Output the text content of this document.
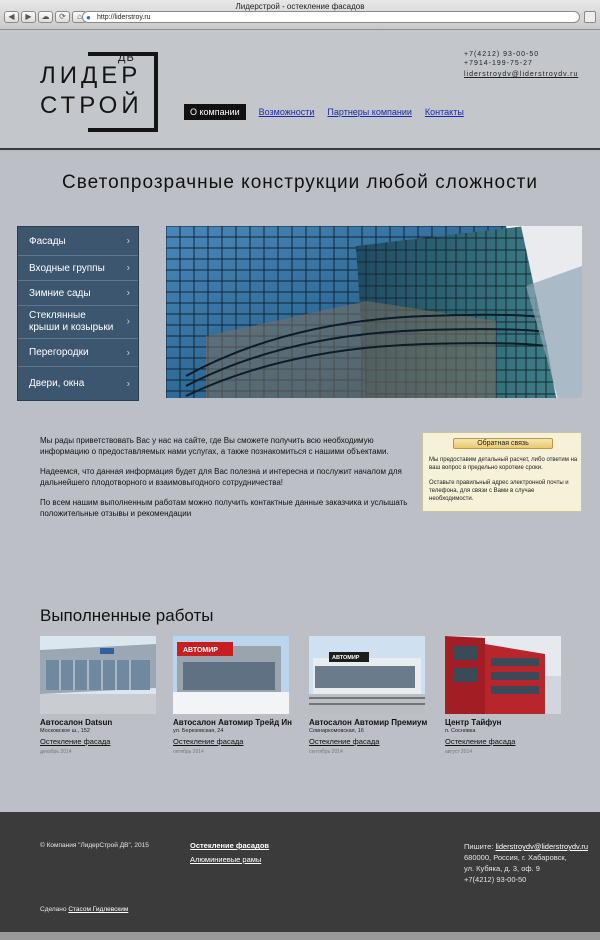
Лидерстрой - остекление фасадов
◀	▶	☁	⟳	⌂ ● http://liderstroy.ru
ЛИДЕР
СТРОЙ
ДВ	+7(4212) 93-00-50
+7914-199-75-27
liderstroydv@liderstroydv.ru
О компании	Возможности Партнеры компании Контакты
Светопрозрачные конструкции любой сложности
Фасады	›
Входные группы ›
Зимние сады	›
Стеклянные крыши и козырьки
›
Перегородки	›
Двери, окна	›

Мы рады приветствовать Вас у нас на сайте, где Вы сможете получить всю необходимую информацию о предоставляемых нами услугах, а также познакомиться с нашими объектами.

Надеемся, что данная информация будет для Вас полезна и интересна и послужит началом для дальнейшего плодотворного и взаимовыгодного сотрудничества!

По всем нашим выполненным работам можно получить контактные данные заказчика и услышать положительные отзывы и рекомендации

Обратная связь

Мы предоставим детальный расчет, либо ответим на ваш вопрос в предельно короткие сроки.

Оставьте правильный адрес электронной почты и телефона, для связи с Вами в случае необходимости.

Выполненные работы
Автосалон Datsun
Московское ш., 152
Остекление фасада
декабрь 2014
АВТОМИР
Автосалон Автомир Трейд Ин
ул. Березовская, 24
Остекление фасада
октябрь 2014
АВТОМИР
Автосалон Автомир Премиум
Совнаркомовская, 16
Остекление фасада
сентябрь 2014
Центр Тайфун
п. Сосновка
Остекление фасада
август 2014
© Компания "ЛидерСтрой ДВ", 2015	Остекление фасадов
Алюминиевые рамы
Пишите: liderstroydv@liderstroydv.ru
680000, Россия, г. Хабаровск,
ул. Кубяка, д. 3, оф. 9
+7(4212) 93-00-50
Сделано Стасом Гидлевским
